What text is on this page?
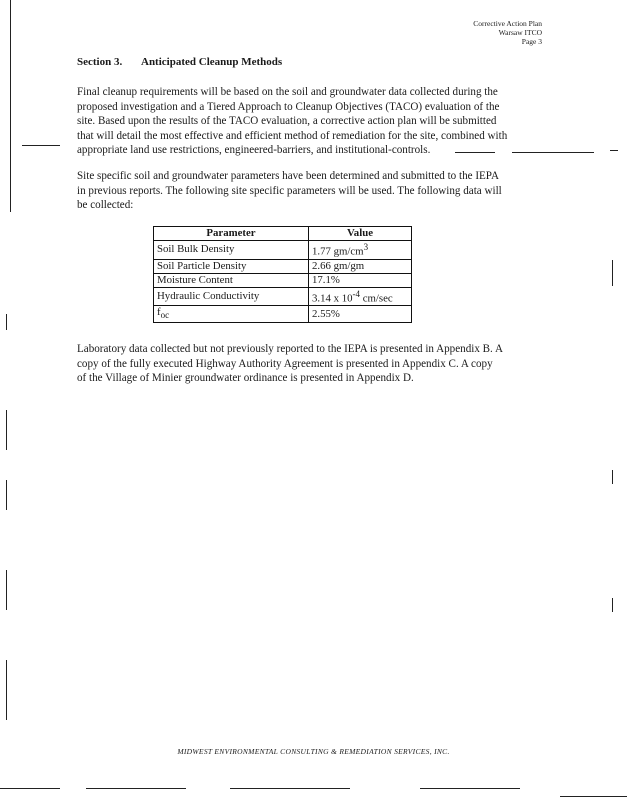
Corrective Action Plan
Warsaw ITCO
Page 3
Section 3. Anticipated Cleanup Methods
Final cleanup requirements will be based on the soil and groundwater data collected during the
proposed investigation and a Tiered Approach to Cleanup Objectives (TACO) evaluation of the
site. Based upon the results of the TACO evaluation, a corrective action plan will be submitted
that will detail the most effective and efficient method of remediation for the site, combined with
appropriate land use restrictions, engineered-barriers, and institutional-controls.
Site specific soil and groundwater parameters have been determined and submitted to the IEPA
in previous reports. The following site specific parameters will be used. The following data will
be collected:
Parameter	Value
Soil Bulk Density	1.77 $gm/cm^3$
Soil Particle Density	2.66 gm/gm
Moisture Content	17.1%
Hydraulic Conductivity	3.14 x $10^{-4}$ cm/sec
$f_{oc}$	2.55%
Laboratory data collected but not previously reported to the IEPA is presented in Appendix B. A
copy of the fully executed Highway Authority Agreement is presented in Appendix C. A copy
of the Village of Minier groundwater ordinance is presented in Appendix D.
MIDWEST ENVIRONMENTAL CONSULTING & REMEDIATION SERVICES, INC.
